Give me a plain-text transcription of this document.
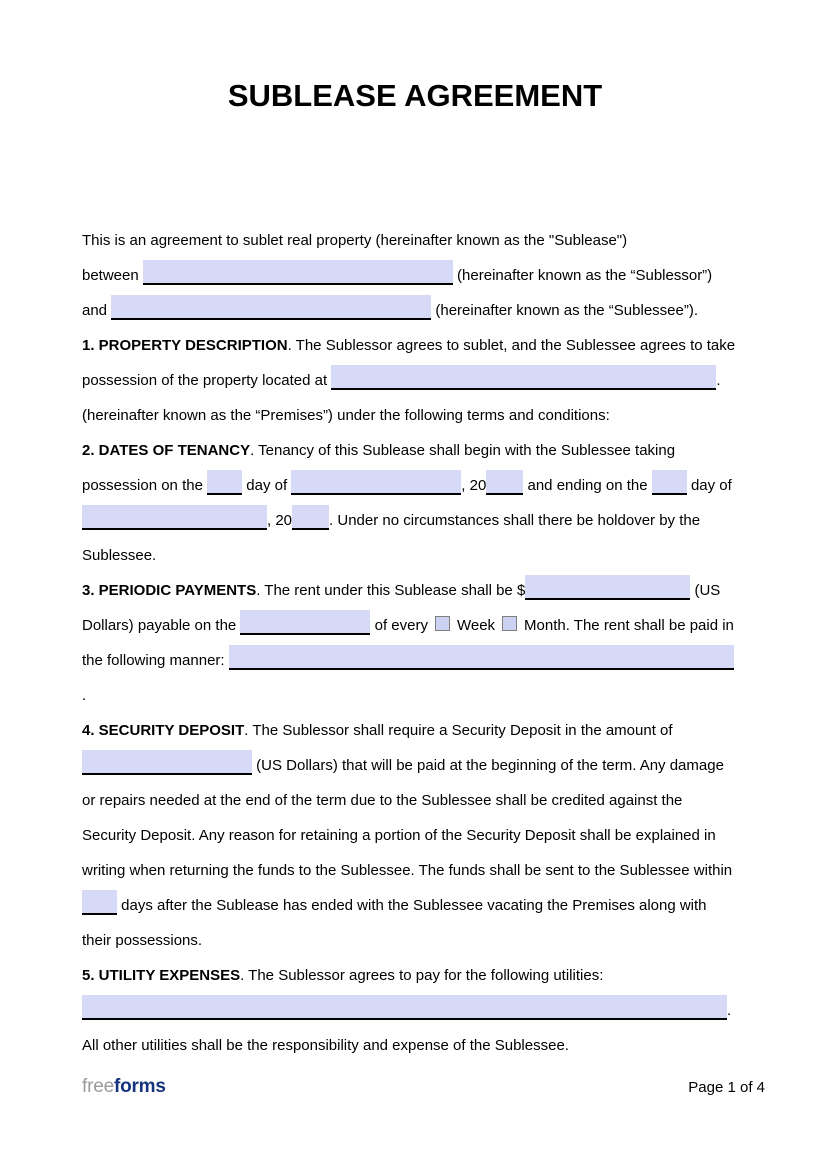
SUBLEASE AGREEMENT

This is an agreement to sublet real property (hereinafter known as the "Sublease")

between	(hereinafter known as the “Sublessor”)

and	(hereinafter known as the “Sublessee”).

1. PROPERTY DESCRIPTION. The Sublessor agrees to sublet, and the Sublessee agrees to take possession of the property located at	. (hereinafter known as the “Premises”) under the following terms and conditions:

2. DATES OF TENANCY. Tenancy of this Sublease shall begin with the Sublessee taking possession on the  day of	, 20 and ending on the  day of , 20 . Under no circumstances shall there be holdover by the Sublessee.

3. PERIODIC PAYMENTS. The rent under this Sublease shall be $	(US Dollars) payable on the	of every Week Month. The rent shall be paid in the following manner: .

4. SECURITY DEPOSIT. The Sublessor shall require a Security Deposit in the amount of  (US Dollars) that will be paid at the beginning of the term. Any damage or repairs needed at the end of the term due to the Sublessee shall be credited against the Security Deposit. Any reason for retaining a portion of the Security Deposit shall be explained in writing when returning the funds to the Sublessee. The funds shall be sent to the Sublessee within  days after the Sublease has ended with the Sublessee vacating the Premises along with their possessions.

5. UTILITY EXPENSES. The Sublessor agrees to pay for the following utilities: .

All other utilities shall be the responsibility and expense of the Sublessee.

freeforms	Page 1 of 4
